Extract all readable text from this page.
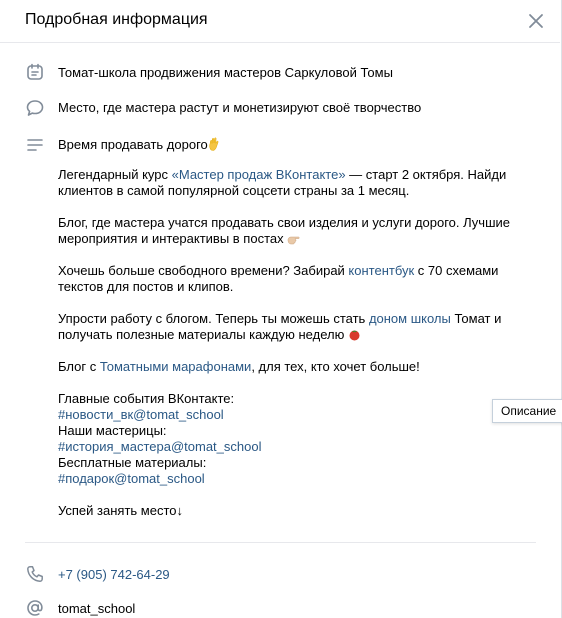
Подробная информация
Томат-школа продвижения мастеров Саркуловой Томы
Место, где мастера растут и монетизируют своё творчество
Время продавать дорого

Легендарный курс «Мастер продаж ВКонтакте» — старт 2 октября. Найди клиентов в самой популярной соцсети страны за 1 месяц.

Блог, где мастера учатся продавать свои изделия и услуги дорого. Лучшие мероприятия и интерактивы в постах

Хочешь больше свободного времени? Забирай контентбук с 70 схемами текстов для постов и клипов.

Упрости работу с блогом. Теперь ты можешь стать доном школы Томат и получать полезные материалы каждую неделю

Блог с Томатными марафонами, для тех, кто хочет больше!

Главные события ВКонтакте:
#новости_вк@tomat_school
Наши мастерицы:
#история_мастера@tomat_school
Бесплатные материалы:
#подарок@tomat_school

Успей занять место↓

+7 (905) 742-64-29
tomat_school
Описание
